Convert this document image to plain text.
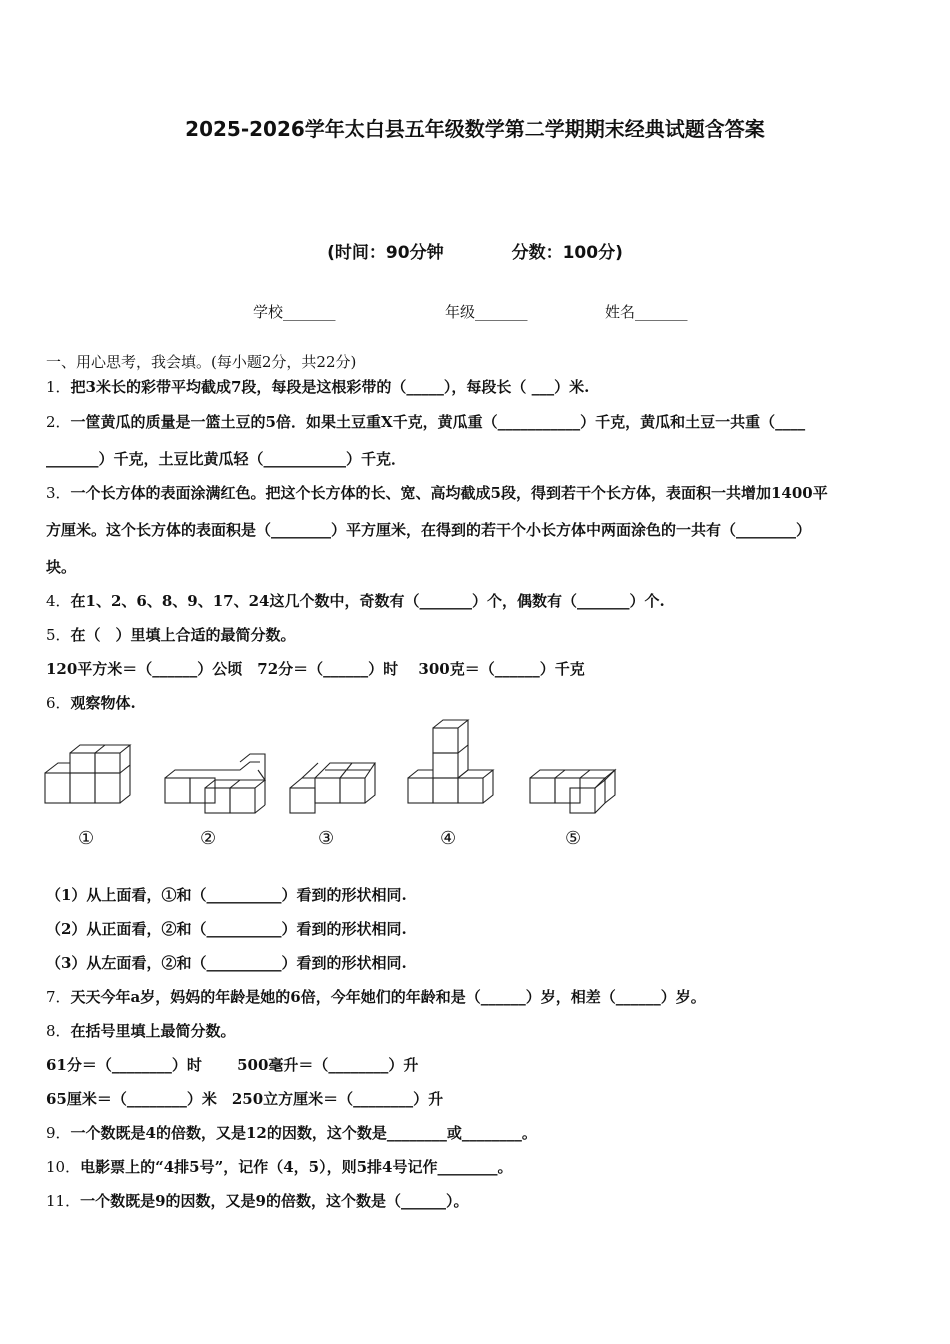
2025-2026学年太白县五年级数学第二学期期末经典试题含答案
(时间：90分钟	分数：100分)
学校_______	年级_______	姓名_______
一、用心思考，我会填。(每小题2分，共22分)
1．把3米长的彩带平均截成7段，每段是这根彩带的（_____），每段长（ ___）米.
2．一筐黄瓜的质量是一篮土豆的5倍．如果土豆重X千克，黄瓜重（___________）千克，黄瓜和土豆一共重（____
_______）千克，土豆比黄瓜轻（___________）千克．
3．一个长方体的表面涂满红色。把这个长方体的长、宽、高均截成5段，得到若干个长方体，表面积一共增加1400平
方厘米。这个长方体的表面积是（________）平方厘米，在得到的若干个小长方体中两面涂色的一共有（________）
块。
4．在1、2、6、8、9、17、24这几个数中，奇数有（_______）个，偶数有（_______）个.
5．在（　）里填上合适的最简分数。
120平方米＝（______）公顷　72分＝（______）时　 300克＝（______）千克
6．观察物体.
①	②	③	④	⑤
（1）从上面看，①和（__________）看到的形状相同.
（2）从正面看，②和（__________）看到的形状相同.
（3）从左面看，②和（__________）看到的形状相同.
7．天天今年a岁，妈妈的年龄是她的6倍，今年她们的年龄和是（______）岁，相差（______）岁。
8．在括号里填上最简分数。
61分＝（________）时　　 500毫升＝（________）升
65厘米＝（________）米　250立方厘米＝（________）升
9．一个数既是4的倍数，又是12的因数，这个数是________或________。
10．电影票上的“4排5号”，记作（4，5），则5排4号记作________。
11．一个数既是9的因数，又是9的倍数，这个数是（______）。
